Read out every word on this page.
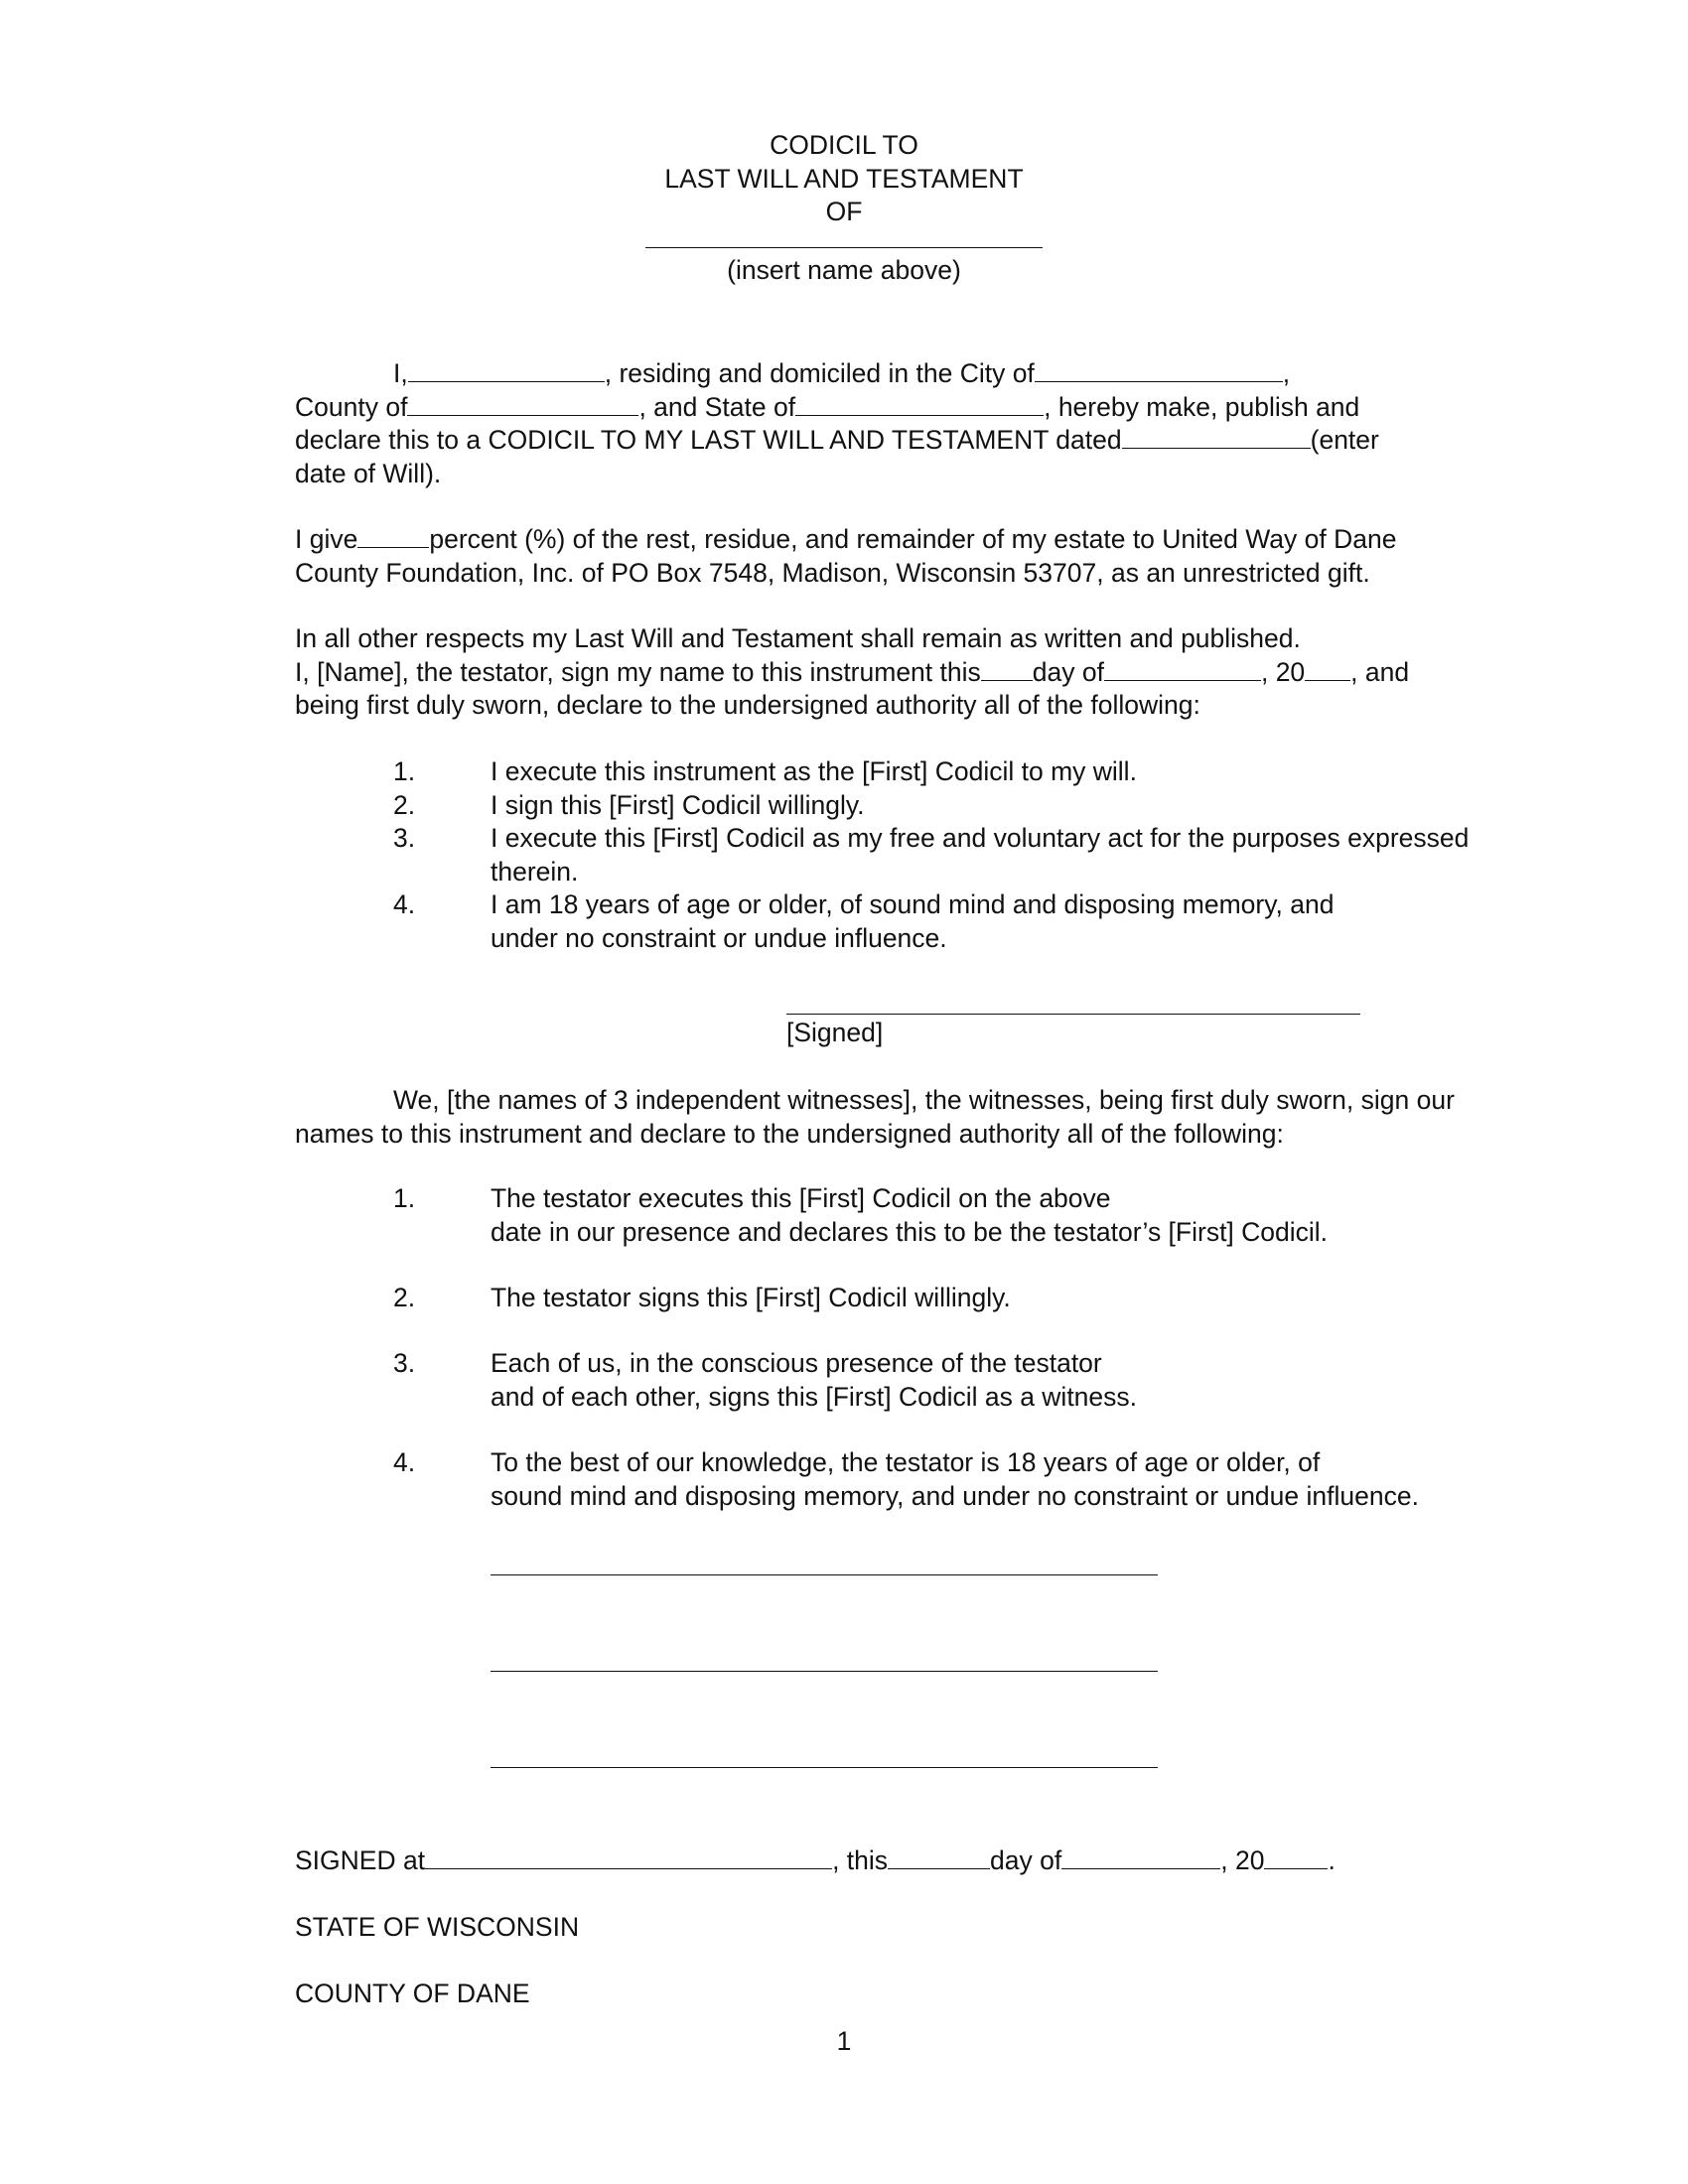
CODICIL TO
LAST WILL AND TESTAMENT
OF
(insert name above)

I,	, residing and domiciled in the City of	,

County of	, and State of	, hereby make, publish and

declare this to a CODICIL TO MY LAST WILL AND TESTAMENT dated	(enter

date of Will).

I give	percent (%) of the rest, residue, and remainder of my estate to United Way of Dane

County Foundation, Inc. of PO Box 7548, Madison, Wisconsin 53707, as an unrestricted gift.

In all other respects my Last Will and Testament shall remain as written and published.

I, [Name], the testator, sign my name to this instrument this day of	, 20 , and

being first duly sworn, declare to the undersigned authority all of the following:

1.	I execute this instrument as the [First] Codicil to my will.
2.	I sign this [First] Codicil willingly.
3.	I execute this [First] Codicil as my free and voluntary act for the purposes expressed therein.
4.	I am 18 years of age or older, of sound mind and disposing memory, and under no constraint or undue influence.
[Signed]

We, [the names of 3 independent witnesses], the witnesses, being first duly sworn, sign our names to this instrument and declare to the undersigned authority all of the following:

1.	The testator executes this [First] Codicil on the above
date in our presence and declares this to be the testator’s [First] Codicil.
2.	The testator signs this [First] Codicil willingly.
3.	Each of us, in the conscious presence of the testator
and of each other, signs this [First] Codicil as a witness.
4.	To the best of our knowledge, the testator is 18 years of age or older, of
sound mind and disposing memory, and under no constraint or undue influence.

SIGNED at	, this	day of	, 20 .

STATE OF WISCONSIN
COUNTY OF DANE
1
